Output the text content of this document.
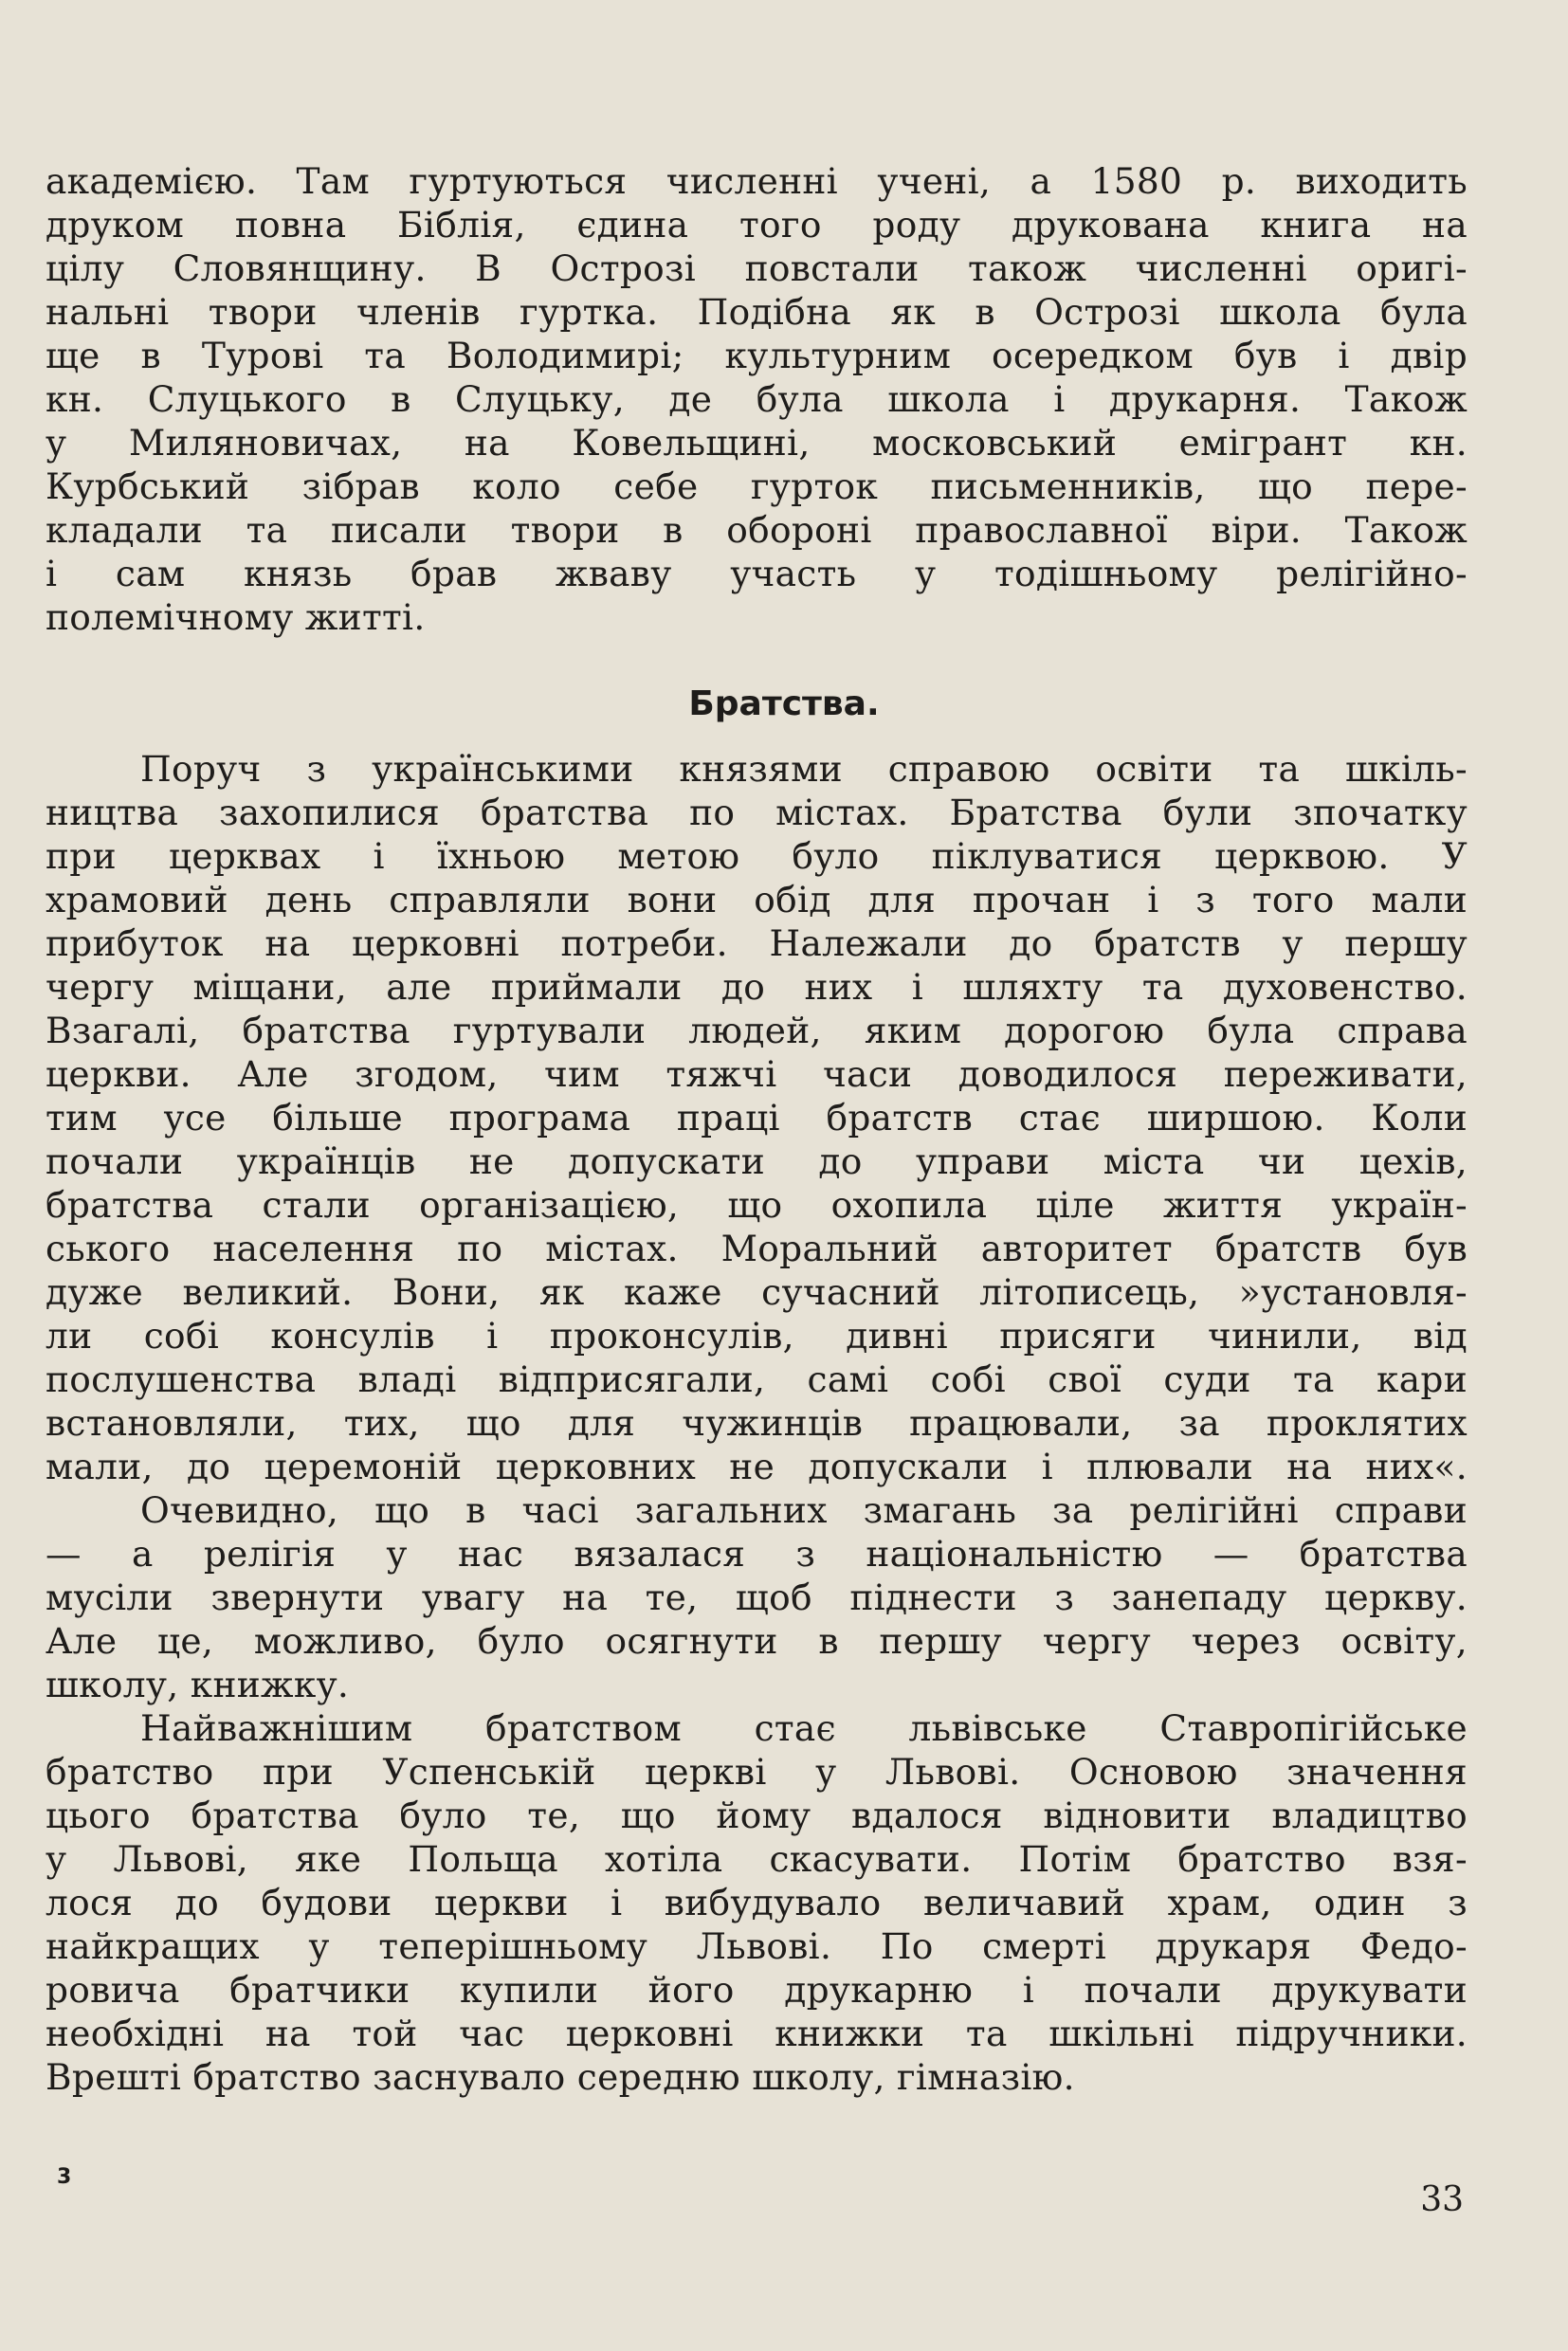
академією. Там гуртуються численні учені, а 1580 р. виходить
друком повна Біблія, єдина того роду друкована книга на
цілу Словянщину. В Острозі повстали також численні оригі-
нальні твори членів гуртка. Подібна як в Острозі школа була
ще в Турові та Володимирі; культурним осередком був і двір
кн. Слуцького в Слуцьку, де була школа і друкарня. Також
у Миляновичах, на Ковельщині, московський емігрант кн.
Курбський зібрав коло себе гурток письменників, що пере-
кладали та писали твори в обороні православної віри. Також
і сам князь брав жваву участь у тодішньому релігійно-
полемічному житті.
Братства.
Поруч з українськими князями справою освіти та шкіль-
ництва захопилися братства по містах. Братства були зпочатку
при церквах і їхньою метою було піклуватися церквою. У
храмовий день справляли вони обід для прочан і з того мали
прибуток на церковні потреби. Належали до братств у першу
чергу міщани, але приймали до них і шляхту та духовенство.
Взагалі, братства гуртували людей, яким дорогою була справа
церкви. Але згодом, чим тяжчі часи доводилося переживати,
тим усе більше програма праці братств стає ширшою. Коли
почали українців не допускати до управи міста чи цехів,
братства стали організацією, що охопила ціле життя україн-
ського населення по містах. Моральний авторитет братств був
дуже великий. Вони, як каже сучасний літописець, »установля-
ли собі консулів і проконсулів, дивні присяги чинили, від
послушенства владі відприсягали, самі собі свої суди та кари
встановляли, тих, що для чужинців працювали, за проклятих
мали, до церемоній церковних не допускали і плювали на них«.
Очевидно, що в часі загальних змагань за релігійні справи
— а релігія у нас вязалася з національністю — братства
мусіли звернути увагу на те, щоб піднести з занепаду церкву.
Але це, можливо, було осягнути в першу чергу через освіту,
школу, книжку.
Найважнішим братством стає львівське Ставропігійське
братство при Успенській церкві у Львові. Основою значення
цього братства було те, що йому вдалося відновити владицтво
у Львові, яке Польща хотіла скасувати. Потім братство взя-
лося до будови церкви і вибудувало величавий храм, один з
найкращих у теперішньому Львові. По смерті друкаря Федо-
ровича братчики купили його друкарню і почали друкувати
необхідні на той час церковні книжки та шкільні підручники.
Врешті братство заснувало середню школу, гімназію.
3
33
